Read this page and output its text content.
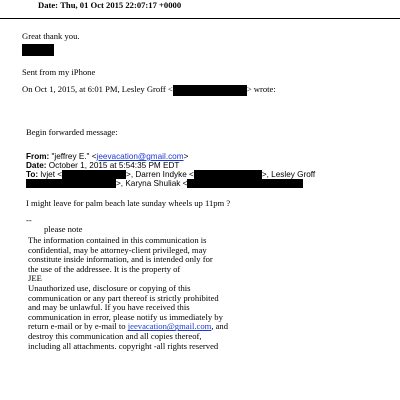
Date: Thu, 01 Oct 2015 22:07:17 +0000
Great thank you.
Sent from my iPhone
On Oct 1, 2015, at 6:01 PM, Lesley Groff <	> wrote:
Begin forwarded message:
From: "jeffrey E." <jeevacation@gmail.com>
Date: October 1, 2015 at 5:54:35 PM EDT
To: lvjet <	>, Darren Indyke <	>, Lesley Groff
>, Karyna Shuliak <
I might leave for palm beach late sunday wheels up 11pm ?
--
please note
The information contained in this communication is
confidential, may be attorney-client privileged, may
constitute inside information, and is intended only for
the use of the addressee. It is the property of
JEE
Unauthorized use, disclosure or copying of this
communication or any part thereof is strictly prohibited
and may be unlawful. If you have received this
communication in error, please notify us immediately by
return e-mail or by e-mail to jeevacation@gmail.com, and
destroy this communication and all copies thereof,
including all attachments. copyright -all rights reserved
